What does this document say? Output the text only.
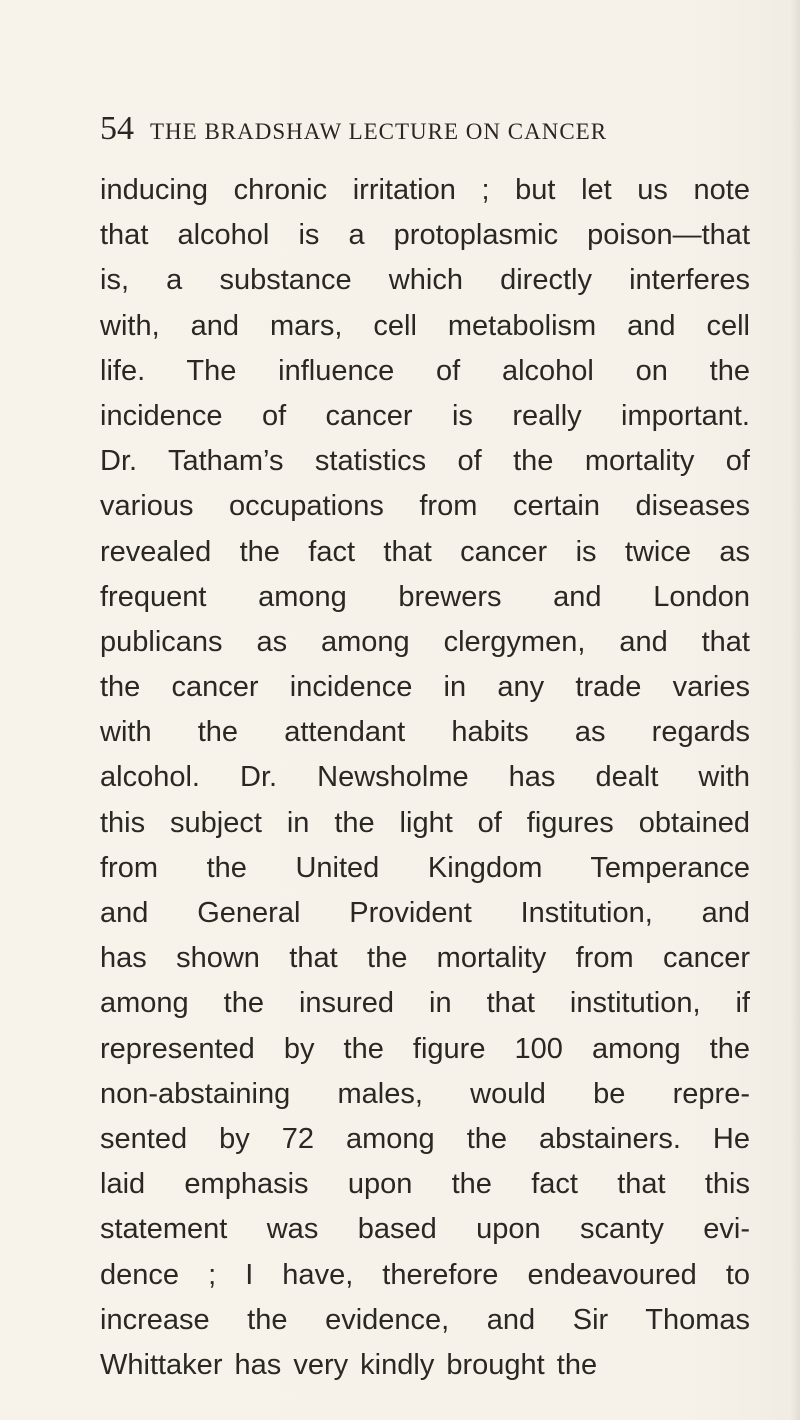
54 THE BRADSHAW LECTURE ON CANCER
inducing chronic irritation ; but let us note
that alcohol is a protoplasmic poison—that
is, a substance which directly interferes
with, and mars, cell metabolism and cell
life. The influence of alcohol on the
incidence of cancer is really important.
Dr. Tatham’s statistics of the mortality of
various occupations from certain diseases
revealed the fact that cancer is twice as
frequent among brewers and London
publicans as among clergymen, and that
the cancer incidence in any trade varies
with the attendant habits as regards
alcohol. Dr. Newsholme has dealt with
this subject in the light of figures obtained
from the United Kingdom Temperance
and General Provident Institution, and
has shown that the mortality from cancer
among the insured in that institution, if
represented by the figure 100 among the
non-abstaining males, would be repre-
sented by 72 among the abstainers. He
laid emphasis upon the fact that this
statement was based upon scanty evi-
dence ; I have, therefore endeavoured to
increase the evidence, and Sir Thomas
Whittaker has very kindly brought the
